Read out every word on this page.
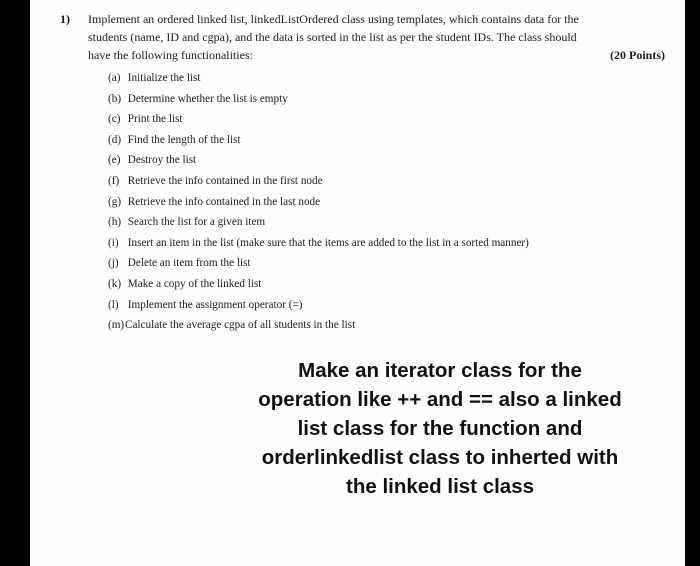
1) Implement an ordered linked list, linkedListOrdered class using templates, which contains data for the
students (name, ID and cgpa), and the data is sorted in the list as per the student IDs. The class should
have the following functionalities:	(20 Points)
(a) Initialize the list
(b) Determine whether the list is empty
(c) Print the list
(d) Find the length of the list
(e) Destroy the list
(f) Retrieve the info contained in the first node
(g) Retrieve the info contained in the last node
(h) Search the list for a given item
(i) Insert an item in the list (make sure that the items are added to the list in a sorted manner)
(j) Delete an item from the list
(k) Make a copy of the linked list
(l) Implement the assignment operator (=)
(m)Calculate the average cgpa of all students in the list
Make an iterator class for the
operation like ++ and == also a linked
list class for the function and
orderlinkedlist class to inherted with
the linked list class
